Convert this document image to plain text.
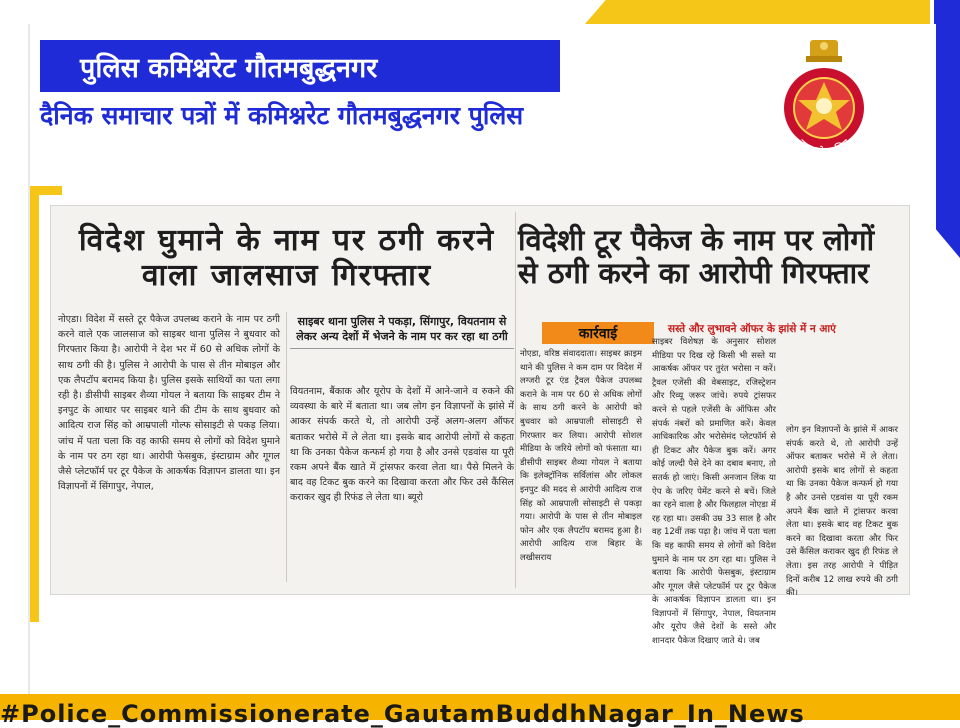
पुलिस कमिश्नरेट गौतमबुद्धनगर
दैनिक समाचार पत्रों में कमिश्नरेट गौतमबुद्धनगर पुलिस
उत्तर प्रदेश पुलिस
विदेश घुमाने के नाम पर ठगी करने वाला जालसाज गिरफ्तार
नोएडा। विदेश में सस्ते टूर पैकेज उपलब्ध कराने के नाम पर ठगी करने वाले एक जालसाज को साइबर थाना पुलिस ने बुधवार को गिरफ्तार किया है। आरोपी ने देश भर में 60 से अधिक लोगों के साथ ठगी की है। पुलिस ने आरोपी के पास से तीन मोबाइल और एक लैपटॉप बरामद किया है। पुलिस इसके साथियों का पता लगा रही है। डीसीपी साइबर शैव्या गोयल ने बताया कि साइबर टीम ने इनपुट के आधार पर साइबर थाने की टीम के साथ बुधवार को आदित्य राज सिंह को आम्रपाली गोल्फ सोसाइटी से पकड़ लिया। जांच में पता चला कि वह काफी समय से लोगों को विदेश घुमाने के नाम पर ठग रहा था। आरोपी फेसबुक, इंस्टाग्राम और गूगल जैसे प्लेटफॉर्म पर टूर पैकेज के आकर्षक विज्ञापन डालता था। इन विज्ञापनों में सिंगापुर, नेपाल,
साइबर थाना पुलिस ने पकड़ा, सिंगापुर, वियतनाम से लेकर अन्य देशों में भेजने के नाम पर कर रहा था ठगी
वियतनाम, बैंकाक और यूरोप के देशों में आने-जाने व रुकने की व्यवस्था के बारे में बताता था। जब लोग इन विज्ञापनों के झांसे में आकर संपर्क करते थे, तो आरोपी उन्हें अलग-अलग ऑफर बताकर भरोसे में ले लेता था। इसके बाद आरोपी लोगों से कहता था कि उनका पैकेज कन्फर्म हो गया है और उनसे एडवांस या पूरी रकम अपने बैंक खाते में ट्रांसफर करवा लेता था। पैसे मिलने के बाद वह टिकट बुक करने का दिखावा करता और फिर उसे कैंसिल कराकर खुद ही रिफंड ले लेता था। ब्यूरो
विदेशी टूर पैकेज के नाम पर लोगों से ठगी करने का आरोपी गिरफ्तार
कार्रवाई	सस्ते और लुभावने ऑफर के झांसे में न आएं
नोएडा, वरिष्ठ संवाददाता। साइबर क्राइम थाने की पुलिस ने कम दाम पर विदेश में लग्जरी टूर एंड ट्रैवल पैकेज उपलब्ध कराने के नाम पर 60 से अधिक लोगों के साथ ठगी करने के आरोपी को बुधवार को आम्रपाली सोसाइटी से गिरफ्तार कर लिया। आरोपी सोशल मीडिया के जरिये लोगों को फंसाता था। डीसीपी साइबर शैव्या गोयल ने बताया कि इलेक्ट्रॉनिक सर्विलांस और लोकल इनपुट की मदद से आरोपी आदित्य राज सिंह को आम्रपाली सोसाइटी से पकड़ा गया। आरोपी के पास से तीन मोबाइल फोन और एक लैपटॉप बरामद हुआ है। आरोपी आदित्य राज बिहार के लखीसराय
साइबर विशेषज्ञ के अनुसार सोशल मीडिया पर दिख रहे किसी भी सस्ते या आकर्षक ऑफर पर तुरंत भरोसा न करें। ट्रैवल एजेंसी की वेबसाइट, रजिस्ट्रेशन और रिव्यू जरूर जांचे। रुपये ट्रांसफर करने से पहले एजेंसी के ऑफिस और संपर्क नंबरों को प्रमाणित करें। केवल आधिकारिक और भरोसेमंद प्लेटफॉर्म से ही टिकट और पैकेज बुक करें। अगर कोई जल्दी पैसे देने का दबाव बनाए, तो सतर्क हो जाएं। किसी अनजान लिंक या ऐप के जरिए पेमेंट करने से बचें। जिले का रहने वाला है और फिलहाल नोएडा में रह रहा था। उसकी उम्र 33 साल है और वह 12वीं तक पढ़ा है। जांच में पता चला कि वह काफी समय से लोगों को विदेश घुमाने के नाम पर ठग रहा था। पुलिस ने बताया कि आरोपी फेसबुक, इंस्टाग्राम और गूगल जैसे प्लेटफॉर्म पर टूर पैकेज के आकर्षक विज्ञापन डालता था। इन विज्ञापनों में सिंगापुर, नेपाल, वियतनाम और यूरोप जैसे देशों के सस्ते और शानदार पैकेज दिखाए जाते थे। जब
लोग इन विज्ञापनों के झांसे में आकर संपर्क करते थे, तो आरोपी उन्हें ऑफर बताकर भरोसे में ले लेता। आरोपी इसके बाद लोगों से कहता था कि उनका पैकेज कन्फर्म हो गया है और उनसे एडवांस या पूरी रकम अपने बैंक खाते में ट्रांसफर करवा लेता था। इसके बाद वह टिकट बुक करने का दिखावा करता और फिर उसे कैंसिल कराकर खुद ही रिफंड ले लेता। इस तरह आरोपी ने पीड़ित दिनों करीब 12 लाख रुपये की ठगी की।
#Police_Commissionerate_GautamBuddhNagar_In_News
